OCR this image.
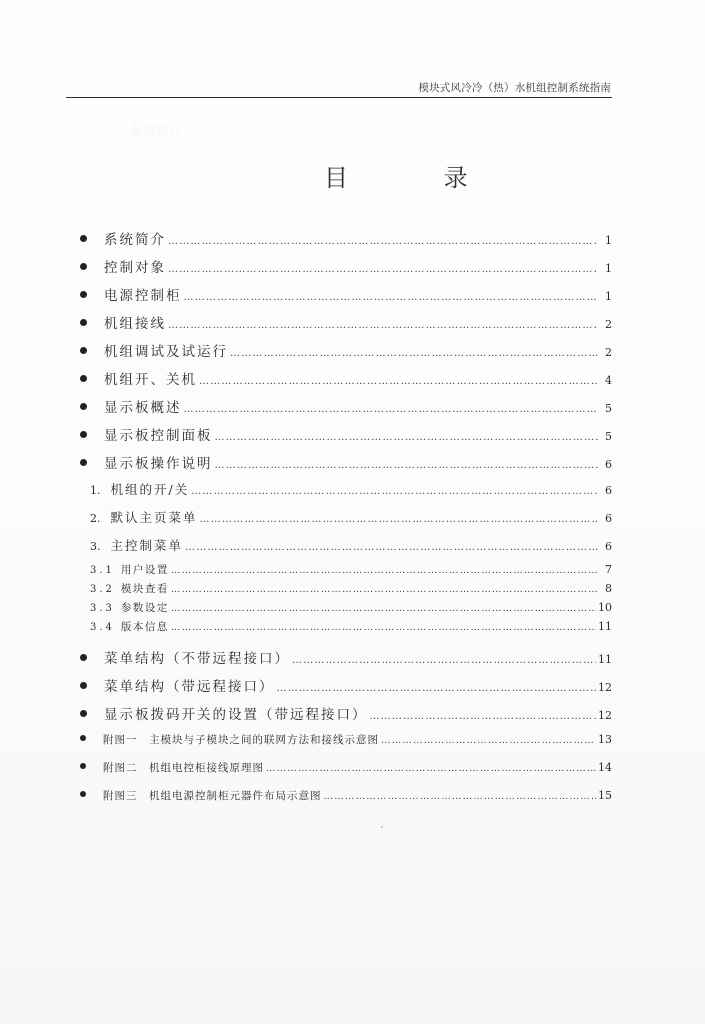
模块式风冷冷（热）水机组控制系统指南
一、系统简介
目 录
系统简介 …………………………………………………………………………………………………………………………………………………………………………………………………………	1
控制对象 …………………………………………………………………………………………………………………………………………………………………………………………………………	1
电源控制柜 …………………………………………………………………………………………………………………………………………………………………………………………………………	1
机组接线 …………………………………………………………………………………………………………………………………………………………………………………………………………	2
机组调试及试运行 …………………………………………………………………………………………………………………………………………………………………………………………………………	2
机组开、关机 …………………………………………………………………………………………………………………………………………………………………………………………………………	4
显示板概述 …………………………………………………………………………………………………………………………………………………………………………………………………………	5
显示板控制面板 …………………………………………………………………………………………………………………………………………………………………………………………………………	5
显示板操作说明 …………………………………………………………………………………………………………………………………………………………………………………………………………	6
1. 机组的开/关 …………………………………………………………………………………………………………………………………………………………………………………………………………	6
2. 默认主页菜单 …………………………………………………………………………………………………………………………………………………………………………………………………………	6
3. 主控制菜单 …………………………………………………………………………………………………………………………………………………………………………………………………………	6
3.1 用户设置 …………………………………………………………………………………………………………………………………………………………………………………………………………	7
3.2 模块查看 …………………………………………………………………………………………………………………………………………………………………………………………………………	8
3.3 参数设定 …………………………………………………………………………………………………………………………………………………………………………………………………………	10
3.4 版本信息 …………………………………………………………………………………………………………………………………………………………………………………………………………	11
菜单结构（不带远程接口） …………………………………………………………………………………………………………………………………………………………………………………………………………	11
菜单结构（带远程接口） …………………………………………………………………………………………………………………………………………………………………………………………………………	12
显示板拨码开关的设置（带远程接口） …………………………………………………………………………………………………………………………………………………………………………………………………………	12
附图一　主模块与子模块之间的联网方法和接线示意图 …………………………………………………………………………………………………………………………………………………………………………………………………………	13
附图二　机组电控柜接线原理图 …………………………………………………………………………………………………………………………………………………………………………………………………………	14
附图三　机组电源控制柜元器件布局示意图 …………………………………………………………………………………………………………………………………………………………………………………………………………	15
